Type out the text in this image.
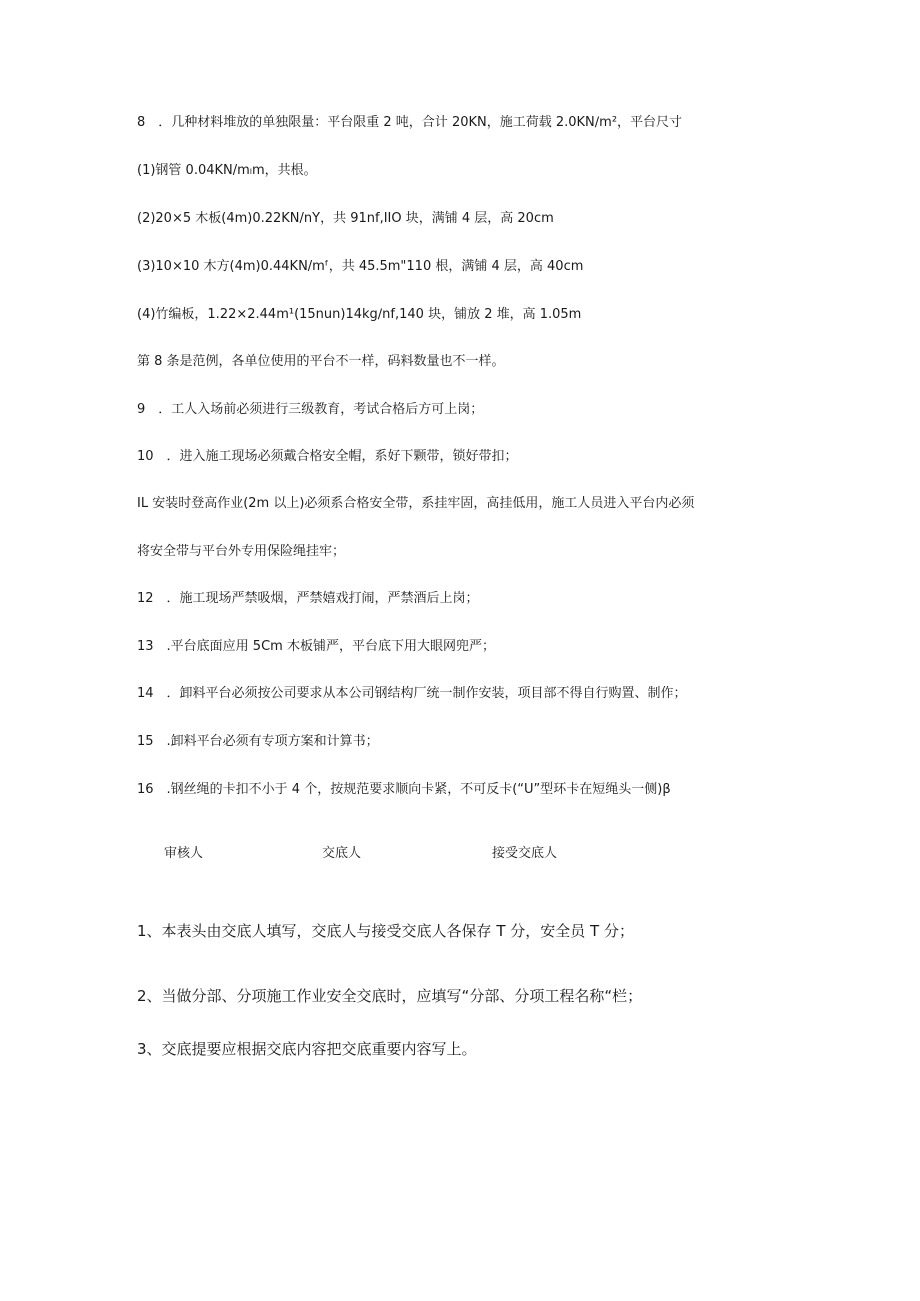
8　．几种材料堆放的单独限量：平台限重 2 吨，合计 20KN，施工荷载 2.0KN∕m²，平台尺寸
(1)钢管 0.04KN/mₗm，共根。
(2)20×5 木板(4m)0.22KN/nY，共 91nf,IIO 块，满铺 4 层，高 20cm
(3)10×10 木方(4m)0.44KN/mᶠ，共 45.5m"110 根，满铺 4 层，高 40cm
(4)竹编板，1.22×2.44m¹(15nun)14kg∕nf,140 块，铺放 2 堆，高 1.05m
第 8 条是范例，各单位使用的平台不一样，码料数量也不一样。
9　．工人入场前必须进行三级教育，考试合格后方可上岗；
10　．进入施工现场必须戴合格安全帽，系好下颗带，锁好带扣；
IL 安装时登高作业(2m 以上)必须系合格安全带，系挂牢固，高挂低用，施工人员进入平台内必须
将安全带与平台外专用保险绳挂牢；
12　．施工现场严禁吸烟，严禁嬉戏打闹，严禁酒后上岗；
13　.平台底面应用 5Cm 木板铺严，平台底下用大眼网兜严；
14　．卸料平台必须按公司要求从本公司钢结构厂统一制作安装，项目部不得自行购置、制作；
15　.卸料平台必须有专项方案和计算书；
16　.钢丝绳的卡扣不小于 4 个，按规范要求顺向卡紧，不可反卡(“U”型环卡在短绳头一侧)β
审核人	交底人	接受交底人
1、本表头由交底人填写，交底人与接受交底人各保存 T 分，安全员 T 分；
2、当做分部、分项施工作业安全交底时，应填写“分部、分项工程名称“栏；
3、交底提要应根据交底内容把交底重要内容写上。
